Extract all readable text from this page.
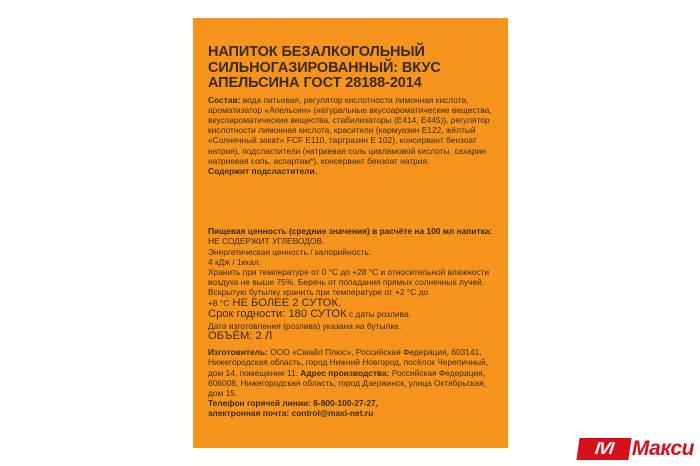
НАПИТОК БЕЗАЛКОГОЛЬНЫЙ СИЛЬНОГАЗИРОВАННЫЙ: ВКУС АПЕЛЬСИНА ГОСТ 28188-2014

Состав: вода питьевая, регулятор кислотности лимонная кислота, ароматизатор «Апельсин» (натуральные вкусоароматические вещества, вкусоароматические вещества, стабилизаторы (Е414, Е445)), регулятор кислотности лимонная кислота, красители (кармуазин Е122, жёлтый «Солнечный закат» FCF E110, тартразин Е 102), консервант бензоат натрия), подсластители (натриевая соль цикламовой кислоты, сахарин натриевая соль, аспартам*), консервант бензоат натрия.

Содержит подсластители.

Пищевая ценность (средние значения) в расчёте на 100 мл напитка: НЕ СОДЕРЖИТ УГЛЕВОДОВ.

Энергетическая ценность / калорийность:

4 кДж / 1ккал.

Хранить при температуре от 0 °С до +28 °С и относительной влажности воздуха не выше 75%. Беречь от попадания прямых солнечных лучей. Вскрытую бутылку хранить при температуре от +2 °С до

+8 °С НЕ БОЛЕЕ 2 СУТОК.
Срок годности: 180 СУТОК с даты розлива.
Дата изготовления (розлива) указана на бутылке.
ОБЪЁМ: 2 Л

Изготовитель: ООО «Смайл Плюс», Российская Федерация, 603141, Нижегородская область, город Нижний Новгород, посёлок Черепичный, дом 14, помещение 11. Адрес производства: Российская Федерация, 606008, Нижегородская область, город Дзержинск, улица Октябрьская, дом 15.

Телефон горячей линии: 8-800-100-27-27,

электронная почта: control@maxi-net.ru

IVI Макси
